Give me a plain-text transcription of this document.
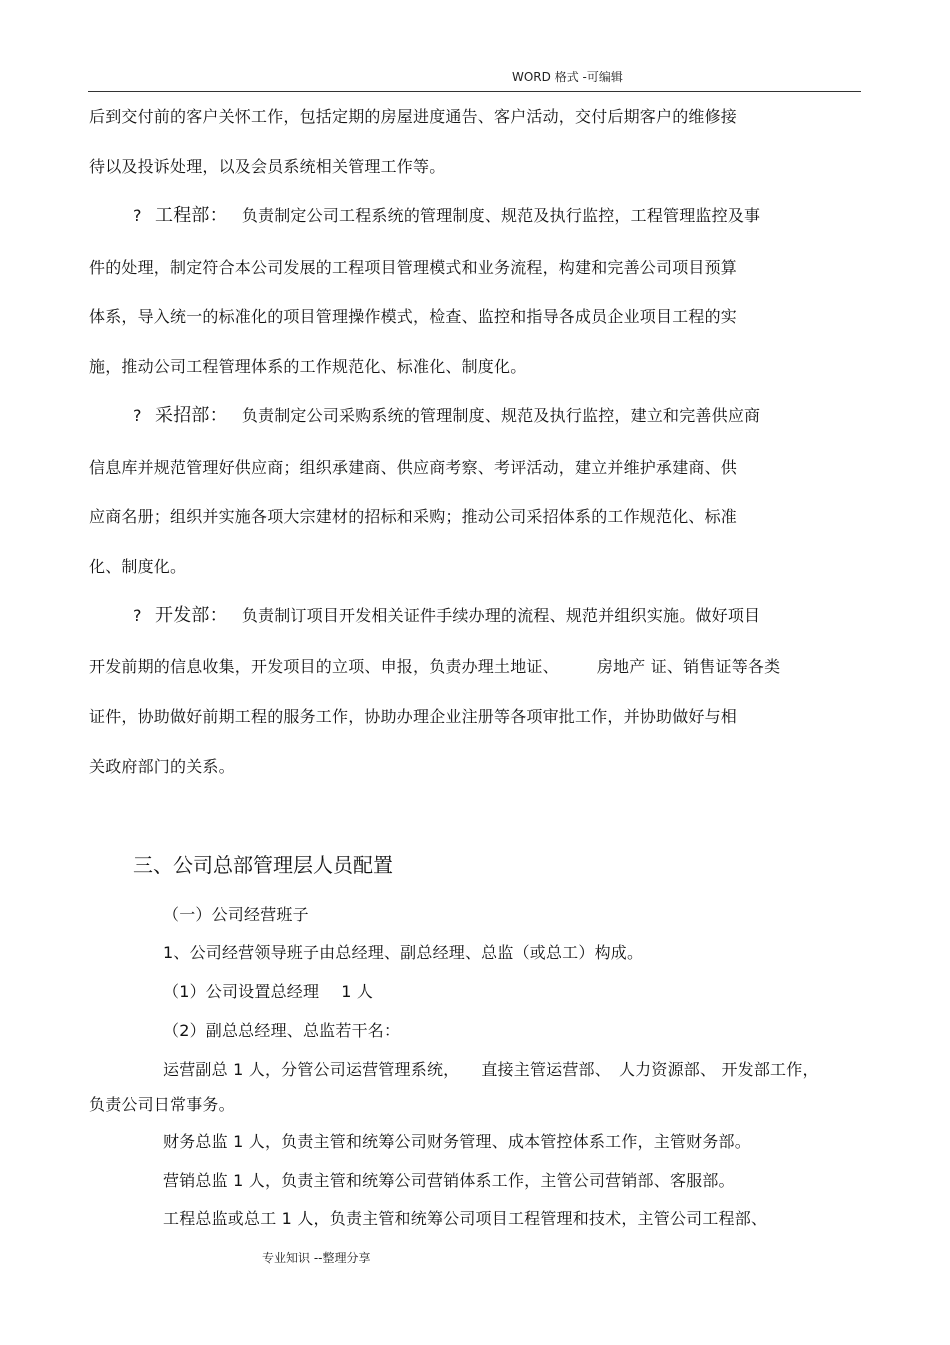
WORD 格式 -可编辑
后到交付前的客户关怀工作，包括定期的房屋进度通告、客户活动，交付后期客户的维修接
待以及投诉处理，以及会员系统相关管理工作等。
? 工程部： 负责制定公司工程系统的管理制度、规范及执行监控，工程管理监控及事
件的处理，制定符合本公司发展的工程项目管理模式和业务流程，构建和完善公司项目预算
体系，导入统一的标准化的项目管理操作模式，检查、监控和指导各成员企业项目工程的实
施，推动公司工程管理体系的工作规范化、标准化、制度化。
? 采招部： 负责制定公司采购系统的管理制度、规范及执行监控，建立和完善供应商
信息库并规范管理好供应商；组织承建商、供应商考察、考评活动，建立并维护承建商、供
应商名册；组织并实施各项大宗建材的招标和采购；推动公司采招体系的工作规范化、标准
化、制度化。
? 开发部： 负责制订项目开发相关证件手续办理的流程、规范并组织实施。做好项目
开发前期的信息收集，开发项目的立项、申报，负责办理土地证、 房地产 证、销售证等各类
证件，协助做好前期工程的服务工作，协助办理企业注册等各项审批工作，并协助做好与相
关政府部门的关系。
三、公司总部管理层人员配置
（一）公司经营班子
1、公司经营领导班子由总经理、副总经理、总监（或总工）构成。
（1）公司设置总经理 1 人
（2）副总总经理、总监若干名：
运营副总 1 人，分管公司运营管理系统， 直接主管运营部、 人力资源部、 开发部工作，
负责公司日常事务。
财务总监 1 人，负责主管和统筹公司财务管理、成本管控体系工作，主管财务部。
营销总监 1 人，负责主管和统筹公司营销体系工作，主管公司营销部、客服部。
工程总监或总工 1 人，负责主管和统筹公司项目工程管理和技术，主管公司工程部、
专业知识 --整理分享
